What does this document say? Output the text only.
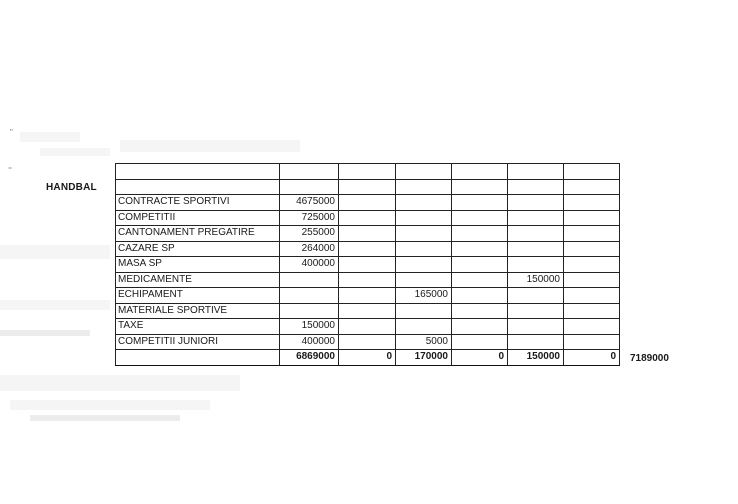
"
⁼
HANDBAL

CONTRACTE SPORTIVI	4675000					
COMPETITII	725000					
CANTONAMENT PREGATIRE	255000					
CAZARE SP	264000					
MASA SP	400000					
MEDICAMENTE					150000	
ECHIPAMENT			165000			
MATERIALE SPORTIVE						
TAXE	150000					
COMPETITII JUNIORI	400000		5000			
	6869000	0	170000	0	150000	0 7189000
